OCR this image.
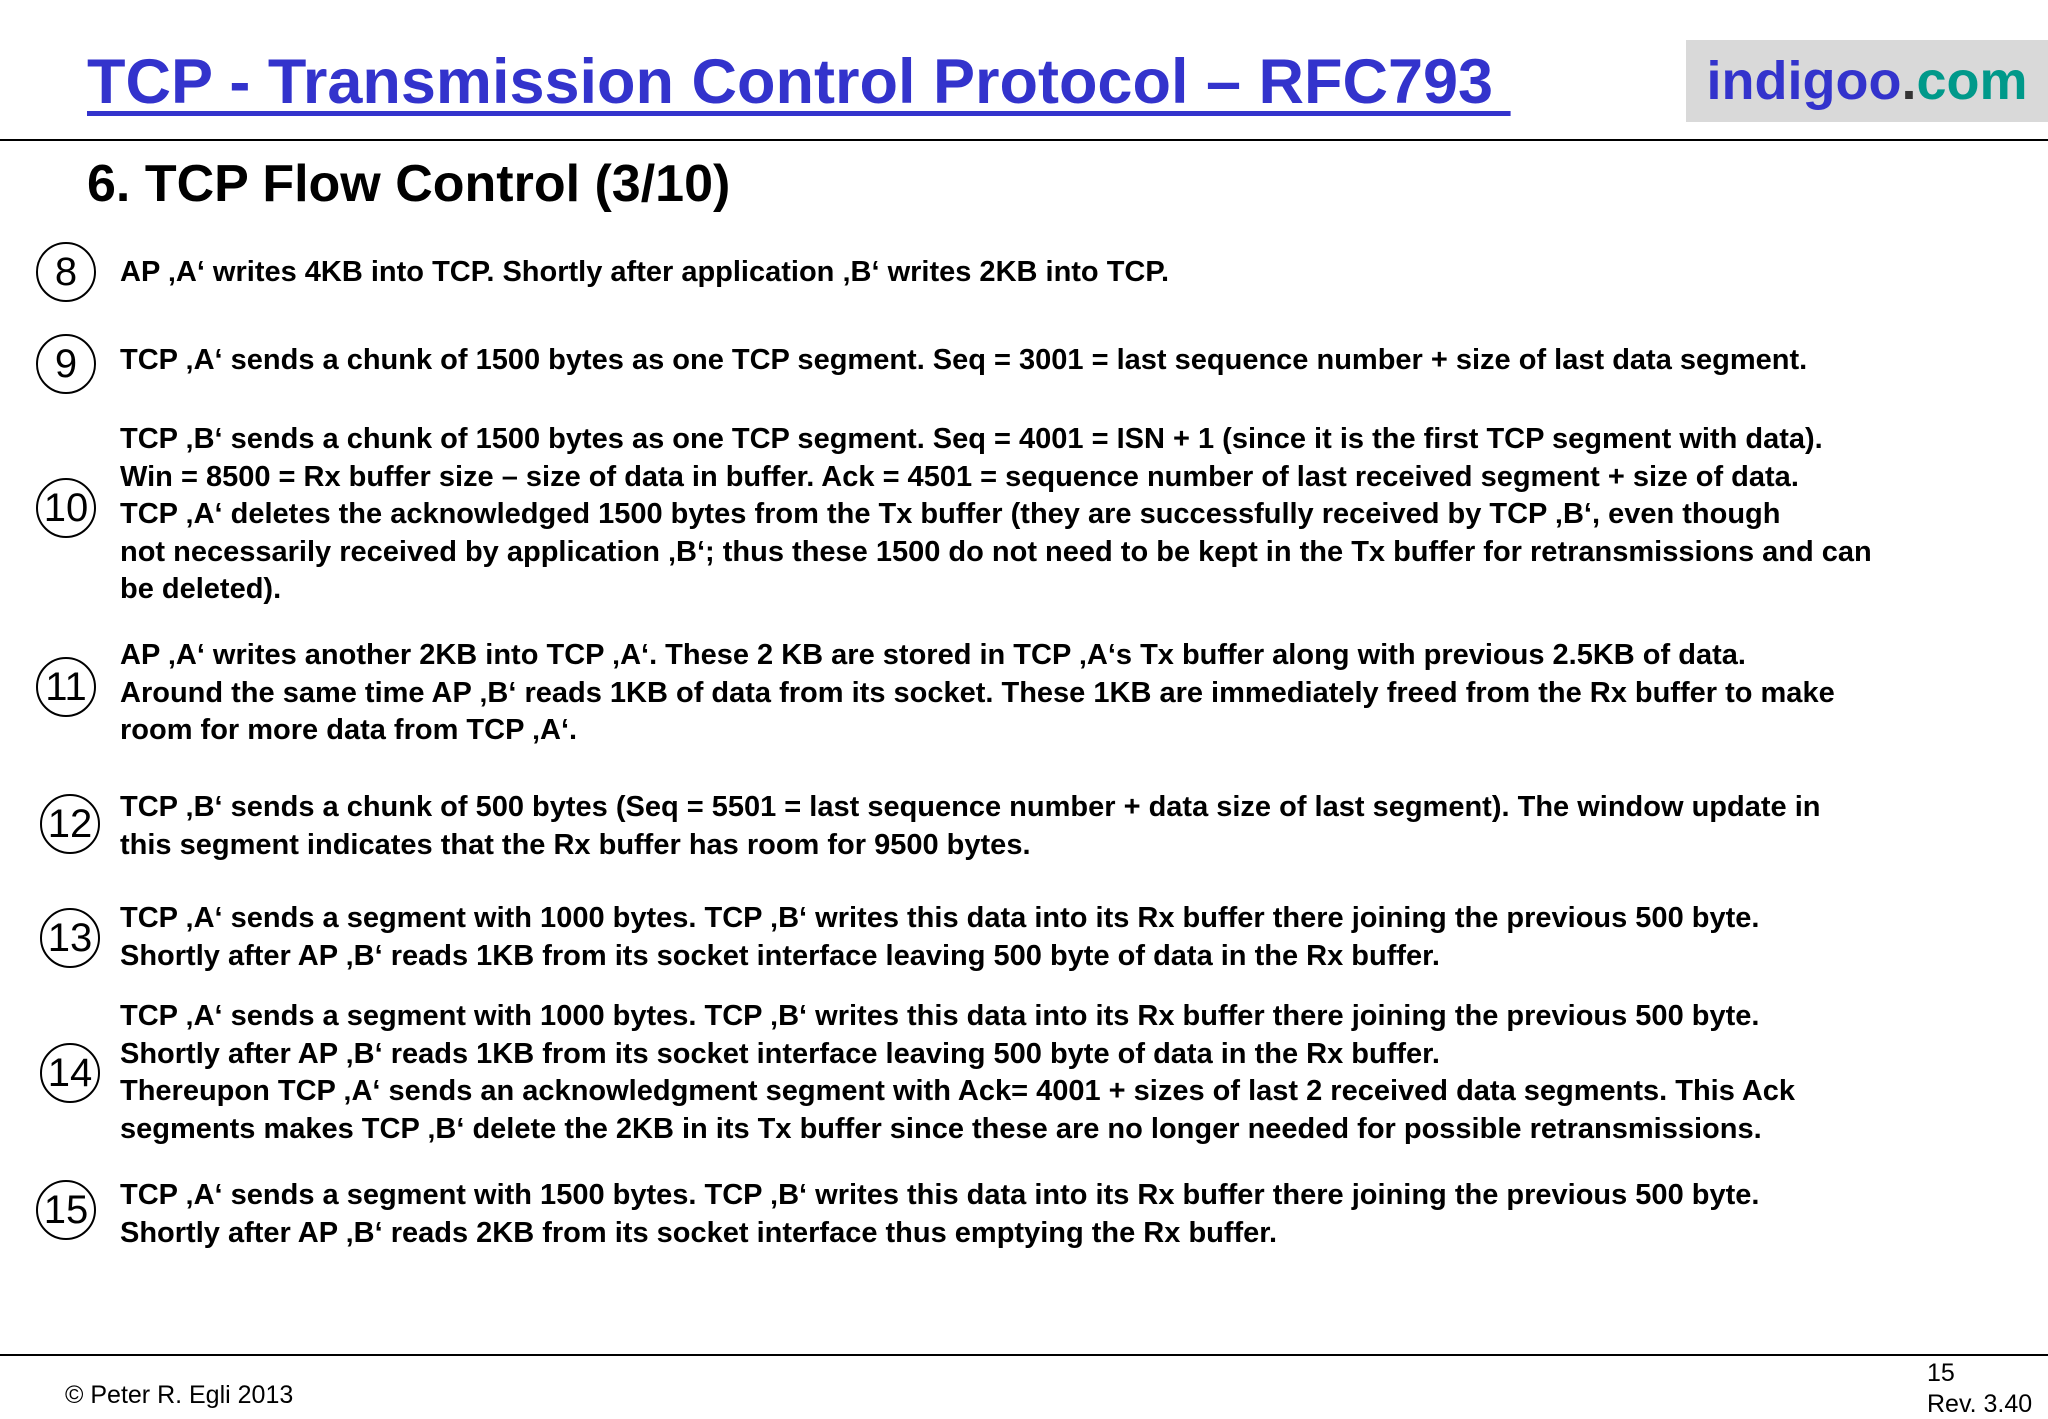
TCP - Transmission Control Protocol – RFC793	indigoo . com
6. TCP Flow Control (3/10)
8	AP ‚A‘ writes 4KB into TCP. Shortly after application ‚B‘ writes 2KB into TCP.
9	TCP ‚A‘ sends a chunk of 1500 bytes as one TCP segment. Seq = 3001 = last sequence number + size of last data segment.
10
TCP ‚B‘ sends a chunk of 1500 bytes as one TCP segment. Seq = 4001 = ISN + 1 (since it is the first TCP segment with data).
Win = 8500 = Rx buffer size – size of data in buffer. Ack = 4501 = sequence number of last received segment + size of data.
TCP ‚A‘ deletes the acknowledged 1500 bytes from the Tx buffer (they are successfully received by TCP ‚B‘, even though
not necessarily received by application ‚B‘; thus these 1500 do not need to be kept in the Tx buffer for retransmissions and can
be deleted).
11
AP ‚A‘ writes another 2KB into TCP ‚A‘. These 2 KB are stored in TCP ‚A‘s Tx buffer along with previous 2.5KB of data.
Around the same time AP ‚B‘ reads 1KB of data from its socket. These 1KB are immediately freed from the Rx buffer to make
room for more data from TCP ‚A‘.
12 TCP ‚B‘ sends a chunk of 500 bytes (Seq = 5501 = last sequence number + data size of last segment). The window update in
this segment indicates that the Rx buffer has room for 9500 bytes.
13 TCP ‚A‘ sends a segment with 1000 bytes. TCP ‚B‘ writes this data into its Rx buffer there joining the previous 500 byte.
Shortly after AP ‚B‘ reads 1KB from its socket interface leaving 500 byte of data in the Rx buffer.
14
TCP ‚A‘ sends a segment with 1000 bytes. TCP ‚B‘ writes this data into its Rx buffer there joining the previous 500 byte.
Shortly after AP ‚B‘ reads 1KB from its socket interface leaving 500 byte of data in the Rx buffer.
Thereupon TCP ‚A‘ sends an acknowledgment segment with Ack= 4001 + sizes of last 2 received data segments. This Ack
segments makes TCP ‚B‘ delete the 2KB in its Tx buffer since these are no longer needed for possible retransmissions.
15 TCP ‚A‘ sends a segment with 1500 bytes. TCP ‚B‘ writes this data into its Rx buffer there joining the previous 500 byte.
Shortly after AP ‚B‘ reads 2KB from its socket interface thus emptying the Rx buffer.
© Peter R. Egli 2013
15
Rev. 3.40
